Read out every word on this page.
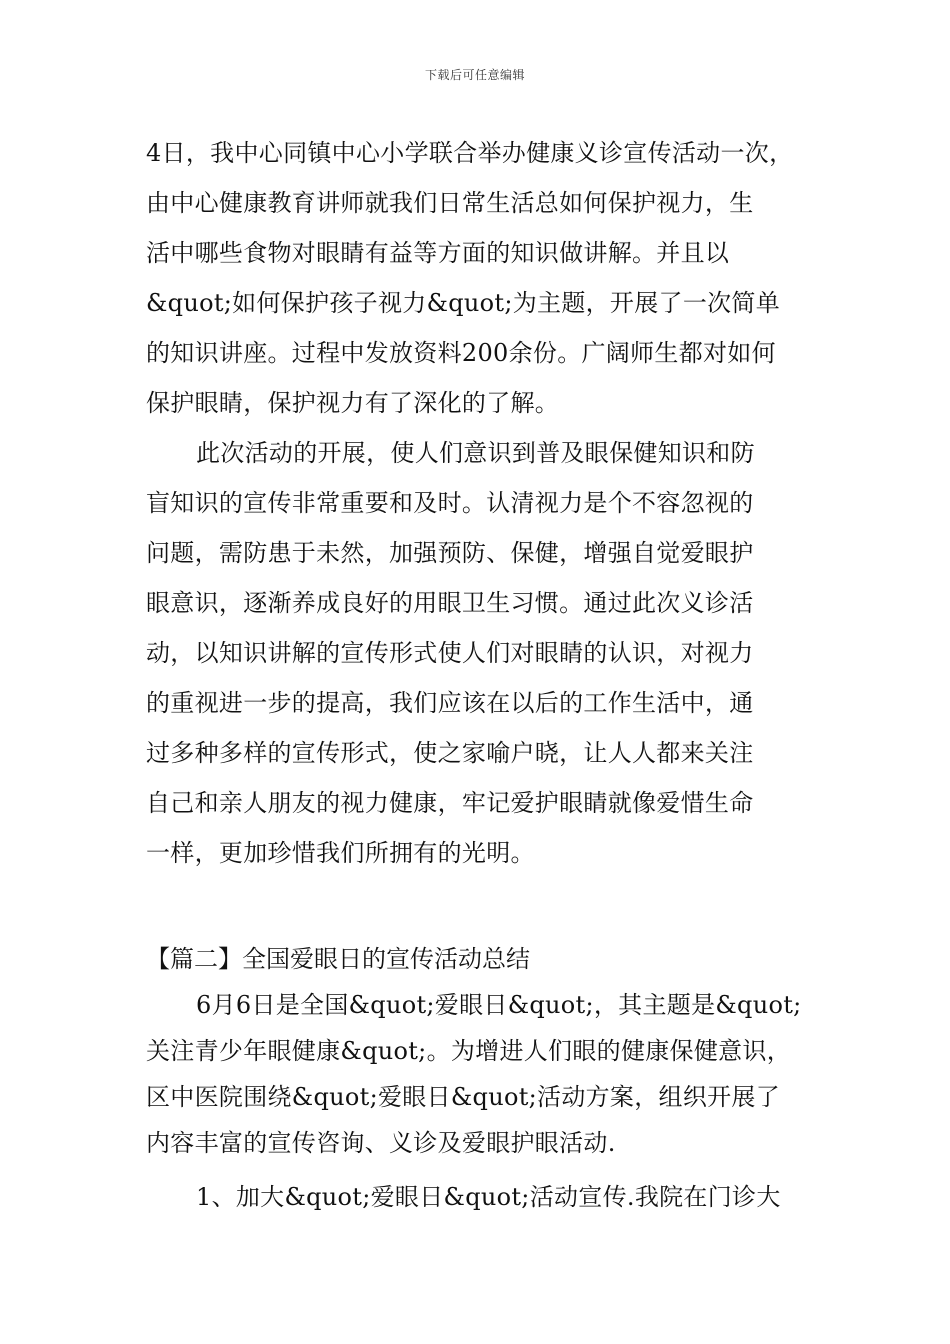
下载后可任意编辑
4日，我中心同镇中心小学联合举办健康义诊宣传活动一次，
由中心健康教育讲师就我们日常生活总如何保护视力，生
活中哪些食物对眼睛有益等方面的知识做讲解。并且以
&quot;如何保护孩子视力&quot;为主题，开展了一次简单
的知识讲座。过程中发放资料200余份。广阔师生都对如何
保护眼睛，保护视力有了深化的了解。
此次活动的开展，使人们意识到普及眼保健知识和防
盲知识的宣传非常重要和及时。认清视力是个不容忽视的
问题，需防患于未然，加强预防、保健，增强自觉爱眼护
眼意识，逐渐养成良好的用眼卫生习惯。通过此次义诊活
动，以知识讲解的宣传形式使人们对眼睛的认识，对视力
的重视进一步的提高，我们应该在以后的工作生活中，通
过多种多样的宣传形式，使之家喻户晓，让人人都来关注
自己和亲人朋友的视力健康，牢记爱护眼睛就像爱惜生命
一样，更加珍惜我们所拥有的光明。
【篇二】全国爱眼日的宣传活动总结
6月6日是全国&quot;爱眼日&quot;，其主题是&quot;
关注青少年眼健康&quot;。为增进人们眼的健康保健意识，
区中医院围绕&quot;爱眼日&quot;活动方案，组织开展了
内容丰富的宣传咨询、义诊及爱眼护眼活动.
1、加大&quot;爱眼日&quot;活动宣传.我院在门诊大
